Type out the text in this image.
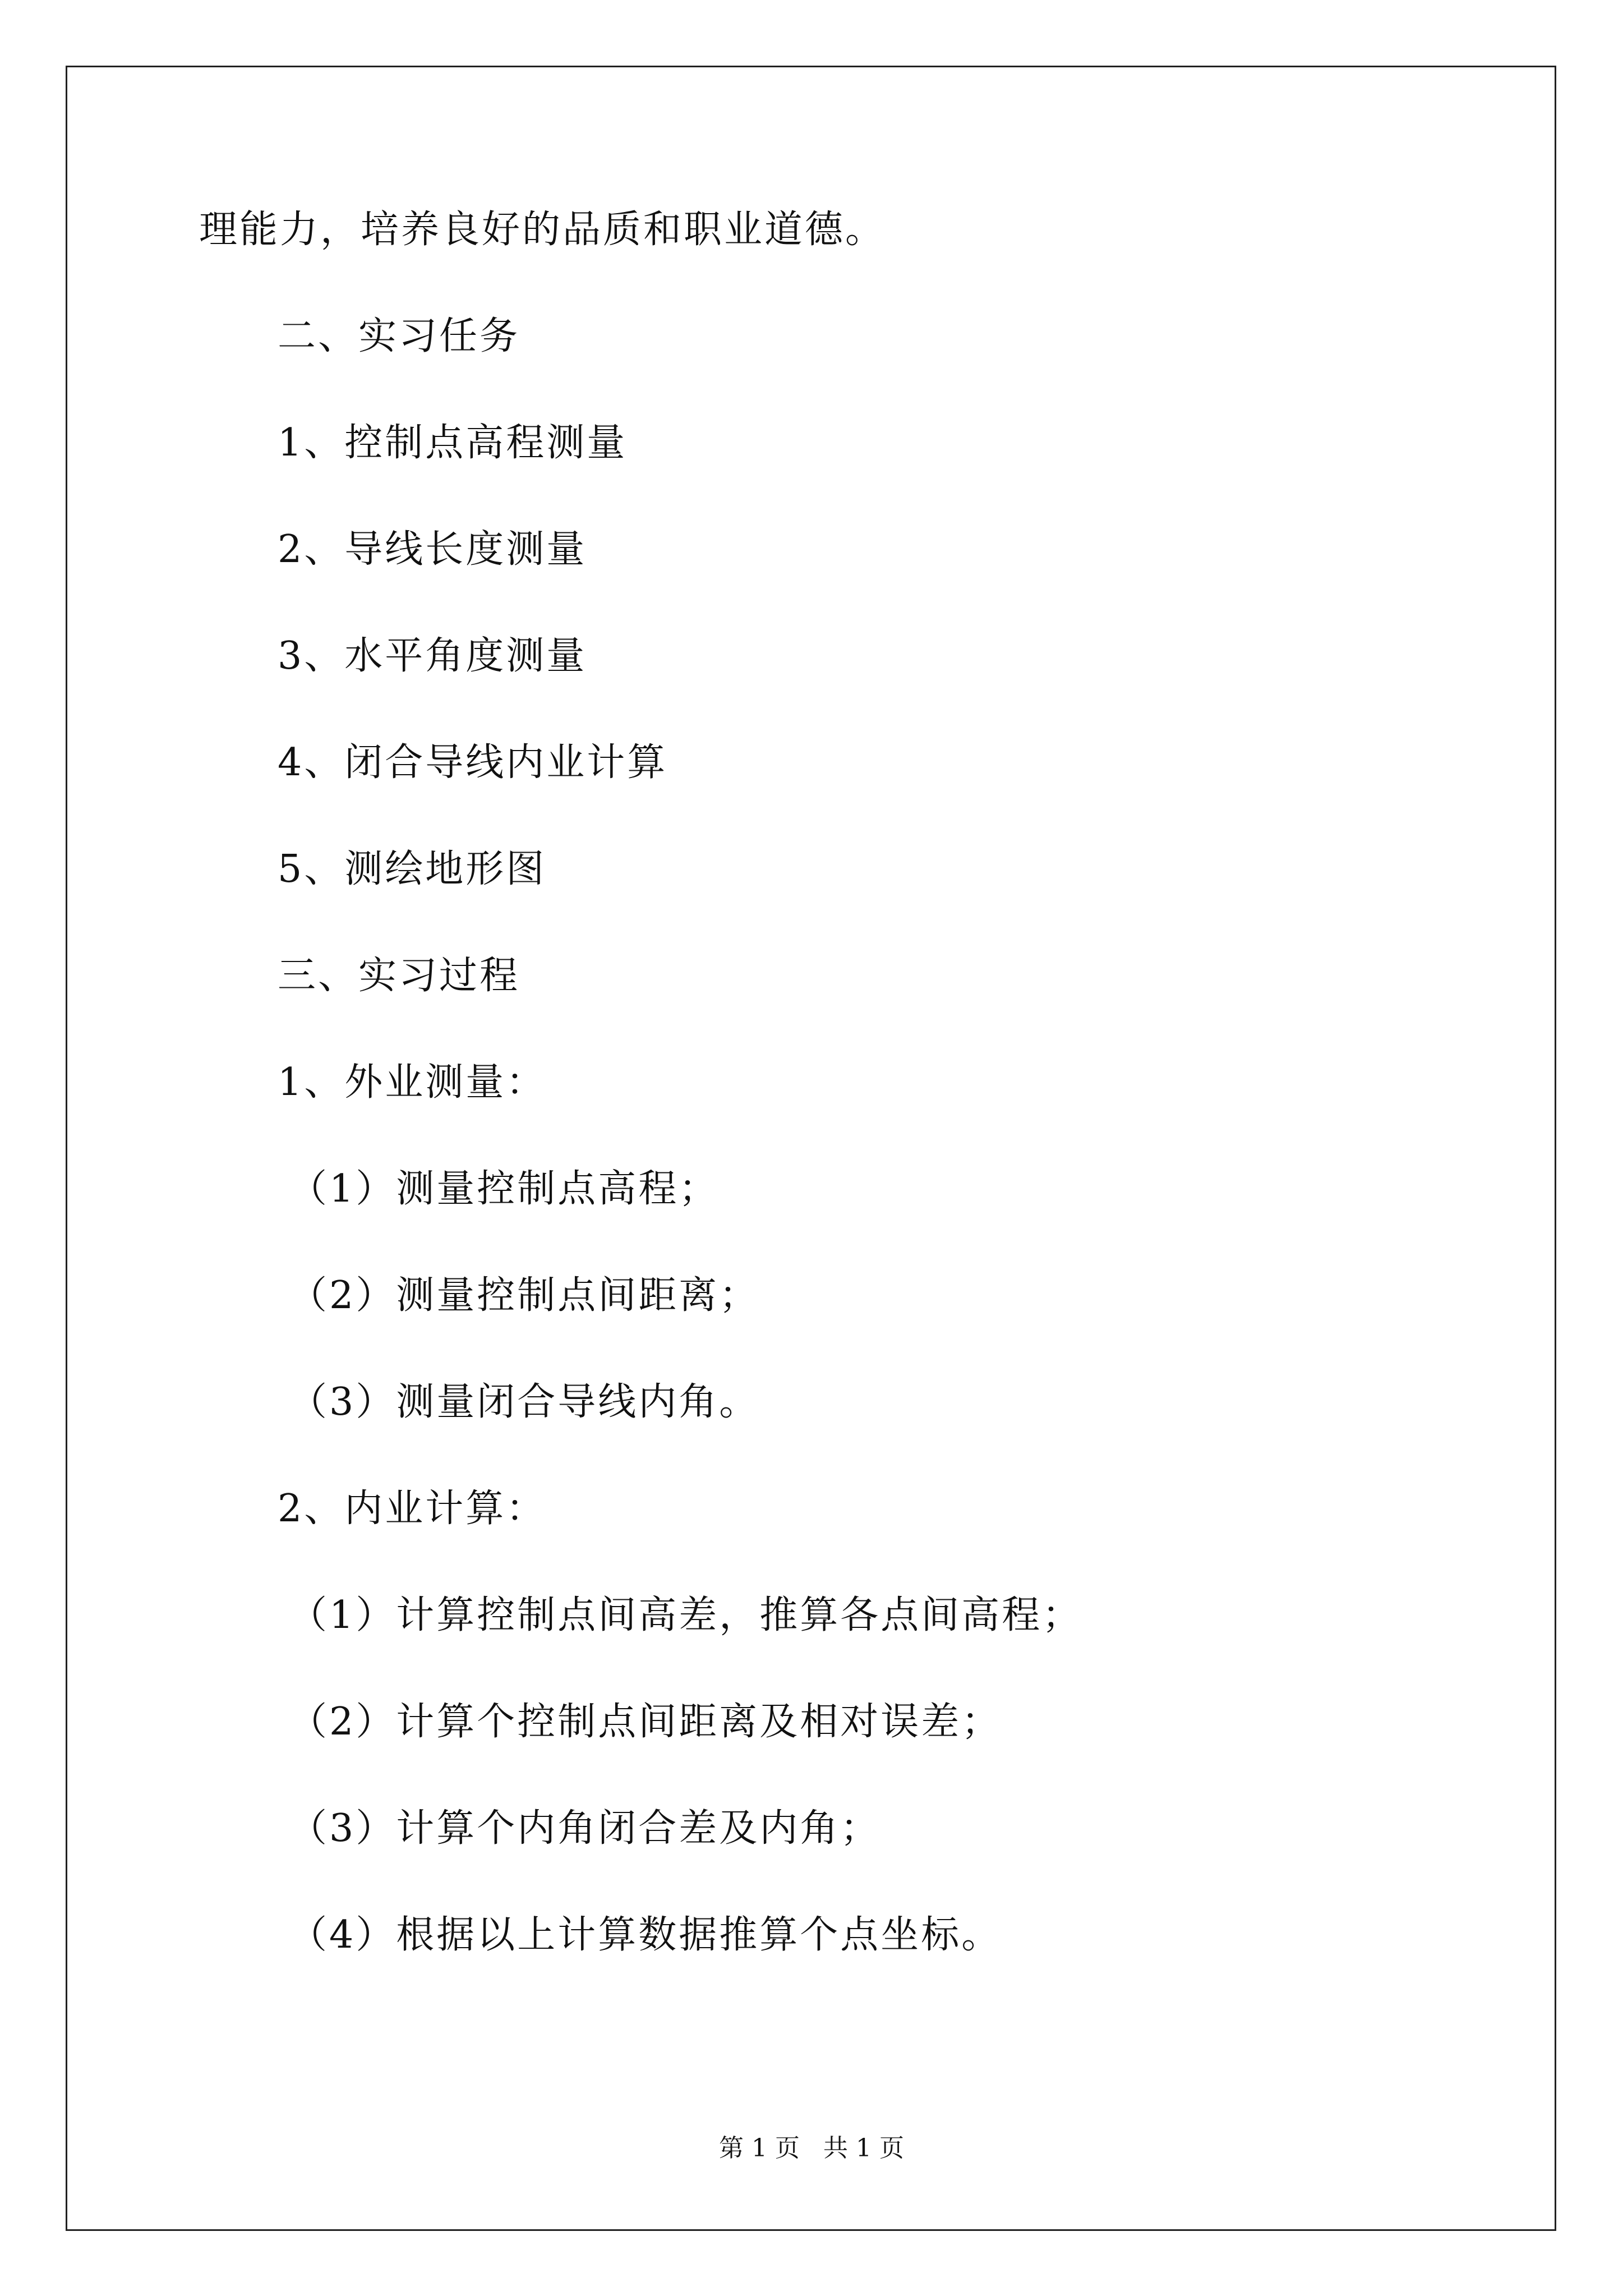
理能力，培养良好的品质和职业道德。
二、实习任务
1、控制点高程测量
2、导线长度测量
3、水平角度测量
4、闭合导线内业计算
5、测绘地形图
三、实习过程
1、外业测量：
（1）测量控制点高程；
（2）测量控制点间距离；
（3）测量闭合导线内角。
2、内业计算：
（1）计算控制点间高差，推算各点间高程；
（2）计算个控制点间距离及相对误差；
（3）计算个内角闭合差及内角；
（4）根据以上计算数据推算个点坐标。
第 1 页   共 1 页
